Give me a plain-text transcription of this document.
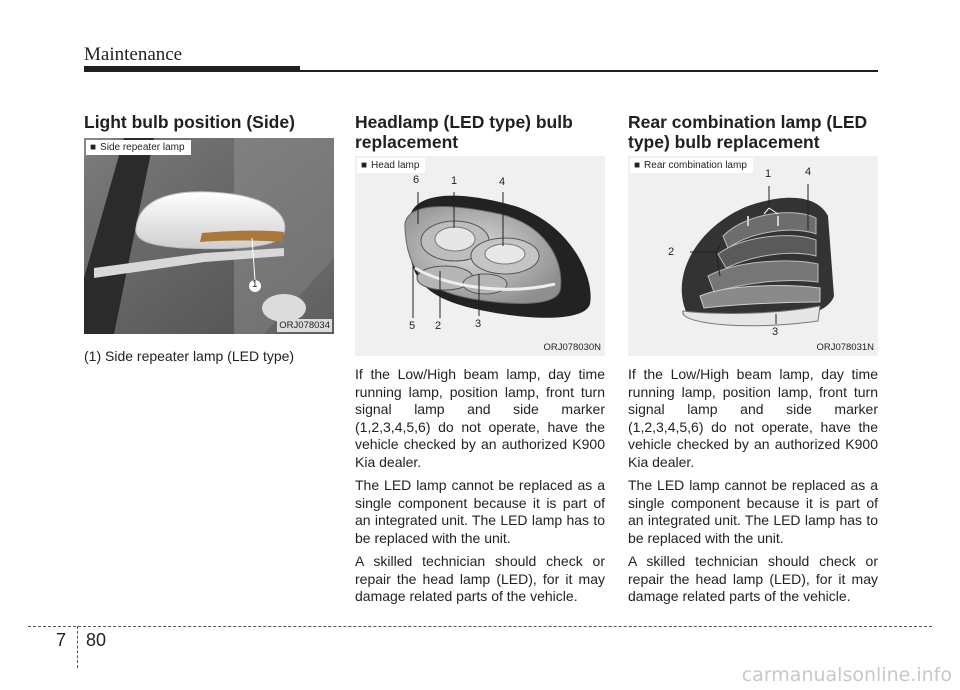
Maintenance
Light bulb position (Side)
■ Side repeater lamp
1
ORJ078034
(1) Side repeater lamp (LED type)
Headlamp (LED type) bulb
replacement
■ Head lamp
6	1	4
5 2	3
ORJ078030N

If the Low/High beam lamp, day time running lamp, position lamp, front turn signal lamp and side marker (1,2,3,4,5,6) do not operate, have the vehicle checked by an authorized K900 Kia dealer.

The LED lamp cannot be replaced as a single component because it is part of an integrated unit. The LED lamp has to be replaced with the unit.

A skilled technician should check or repair the head lamp (LED), for it may damage related parts of the vehicle.

Rear combination lamp (LED
type) bulb replacement
■ Rear combination lamp
1	4
2
3
ORJ078031N

If the Low/High beam lamp, day time running lamp, position lamp, front turn signal lamp and side marker (1,2,3,4,5,6) do not operate, have the vehicle checked by an authorized K900 Kia dealer.

The LED lamp cannot be replaced as a single component because it is part of an integrated unit. The LED lamp has to be replaced with the unit.

A skilled technician should check or repair the head lamp (LED), for it may damage related parts of the vehicle.

7 80
carmanualsonline.info
